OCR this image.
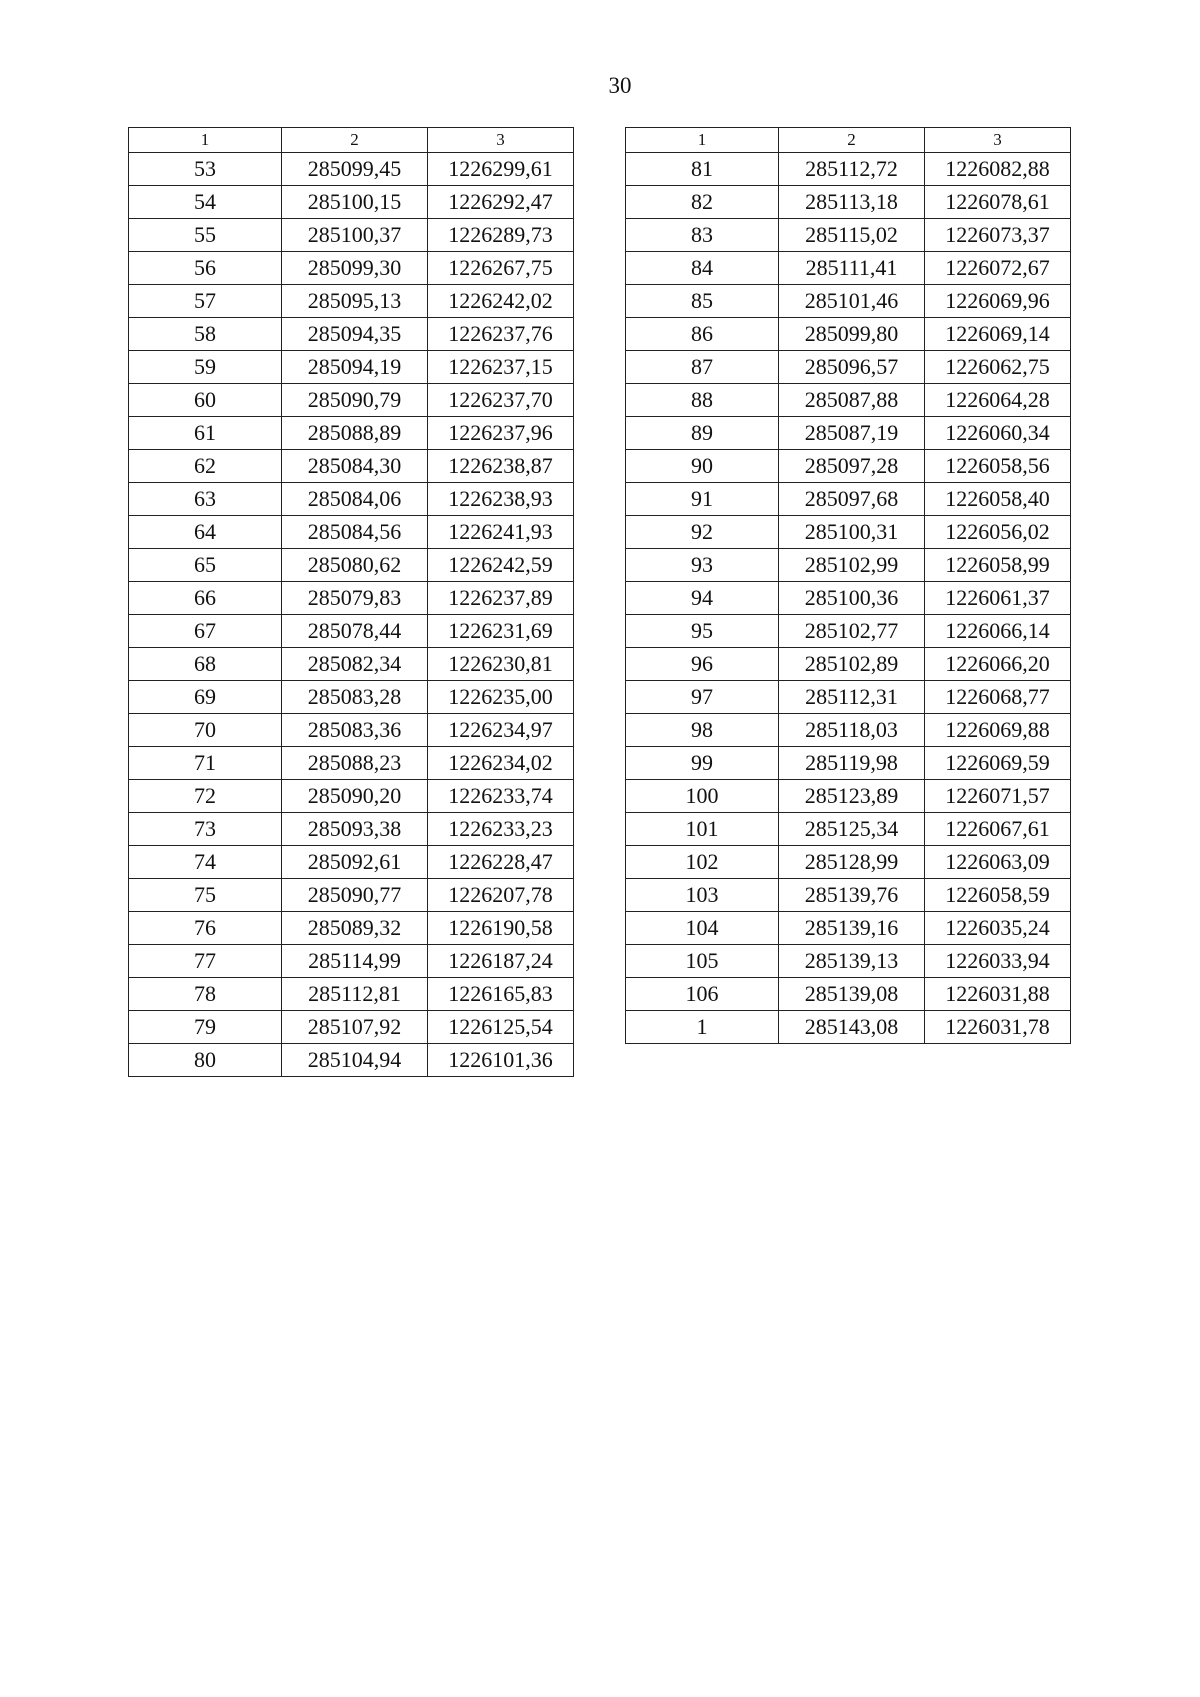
30
1	2	3
53	285099,45	1226299,61
54	285100,15	1226292,47
55	285100,37	1226289,73
56	285099,30	1226267,75
57	285095,13	1226242,02
58	285094,35	1226237,76
59	285094,19	1226237,15
60	285090,79	1226237,70
61	285088,89	1226237,96
62	285084,30	1226238,87
63	285084,06	1226238,93
64	285084,56	1226241,93
65	285080,62	1226242,59
66	285079,83	1226237,89
67	285078,44	1226231,69
68	285082,34	1226230,81
69	285083,28	1226235,00
70	285083,36	1226234,97
71	285088,23	1226234,02
72	285090,20	1226233,74
73	285093,38	1226233,23
74	285092,61	1226228,47
75	285090,77	1226207,78
76	285089,32	1226190,58
77	285114,99	1226187,24
78	285112,81	1226165,83
79	285107,92	1226125,54
80	285104,94	1226101,36
1	2	3
81	285112,72	1226082,88
82	285113,18	1226078,61
83	285115,02	1226073,37
84	285111,41	1226072,67
85	285101,46	1226069,96
86	285099,80	1226069,14
87	285096,57	1226062,75
88	285087,88	1226064,28
89	285087,19	1226060,34
90	285097,28	1226058,56
91	285097,68	1226058,40
92	285100,31	1226056,02
93	285102,99	1226058,99
94	285100,36	1226061,37
95	285102,77	1226066,14
96	285102,89	1226066,20
97	285112,31	1226068,77
98	285118,03	1226069,88
99	285119,98	1226069,59
100	285123,89	1226071,57
101	285125,34	1226067,61
102	285128,99	1226063,09
103	285139,76	1226058,59
104	285139,16	1226035,24
105	285139,13	1226033,94
106	285139,08	1226031,88
1	285143,08	1226031,78
